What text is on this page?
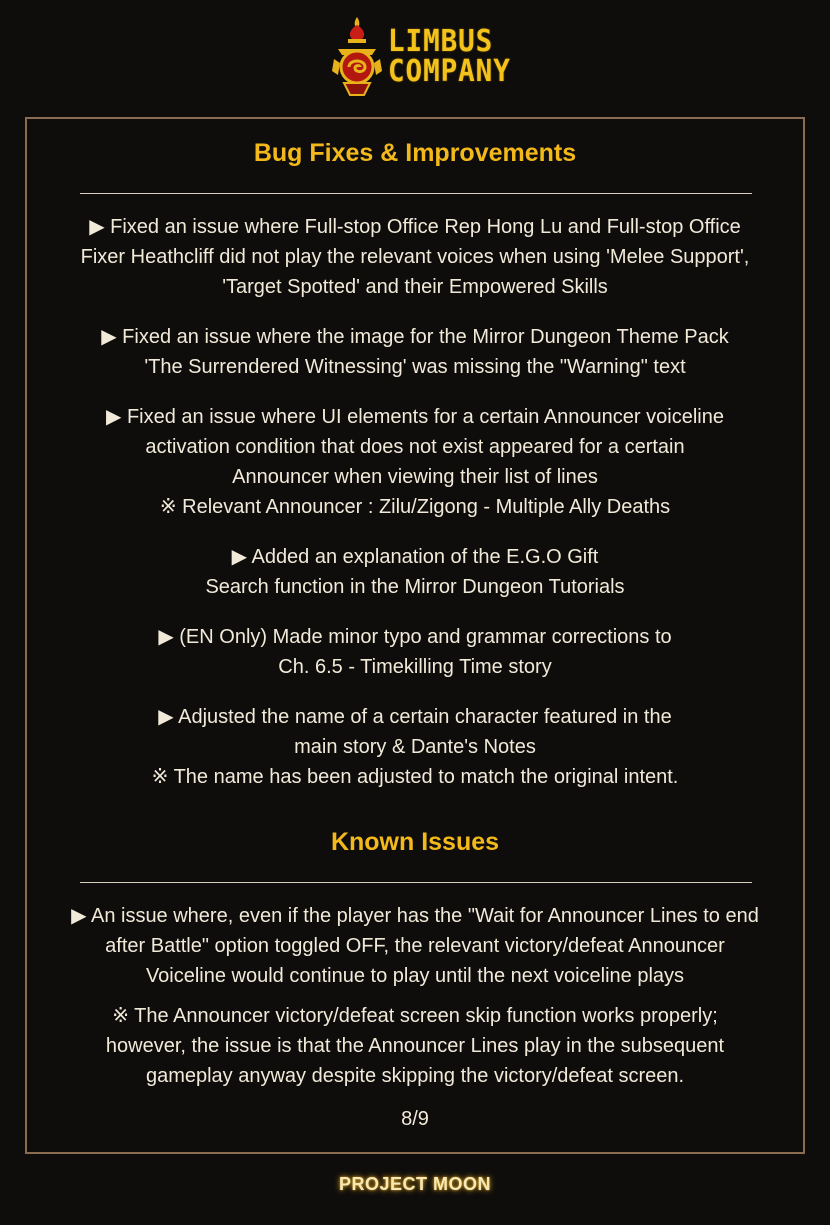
LIMBUS
COMPANY
Bug Fixes & Improvements
▶ Fixed an issue where Full-stop Office Rep Hong Lu and Full-stop Office
Fixer Heathcliff did not play the relevant voices when using 'Melee Support',
'Target Spotted' and their Empowered Skills
▶ Fixed an issue where the image for the Mirror Dungeon Theme Pack
'The Surrendered Witnessing' was missing the "Warning" text
▶ Fixed an issue where UI elements for a certain Announcer voiceline
activation condition that does not exist appeared for a certain
Announcer when viewing their list of lines
※ Relevant Announcer : Zilu/Zigong - Multiple Ally Deaths
▶ Added an explanation of the E.G.O Gift
Search function in the Mirror Dungeon Tutorials
▶ (EN Only) Made minor typo and grammar corrections to
Ch. 6.5 - Timekilling Time story
▶ Adjusted the name of a certain character featured in the
main story & Dante's Notes
※ The name has been adjusted to match the original intent.
Known Issues
▶ An issue where, even if the player has the "Wait for Announcer Lines to end
after Battle" option toggled OFF, the relevant victory/defeat Announcer
Voiceline would continue to play until the next voiceline plays
※ The Announcer victory/defeat screen skip function works properly;
however, the issue is that the Announcer Lines play in the subsequent
gameplay anyway despite skipping the victory/defeat screen.
8/9
PROJECT MOON
